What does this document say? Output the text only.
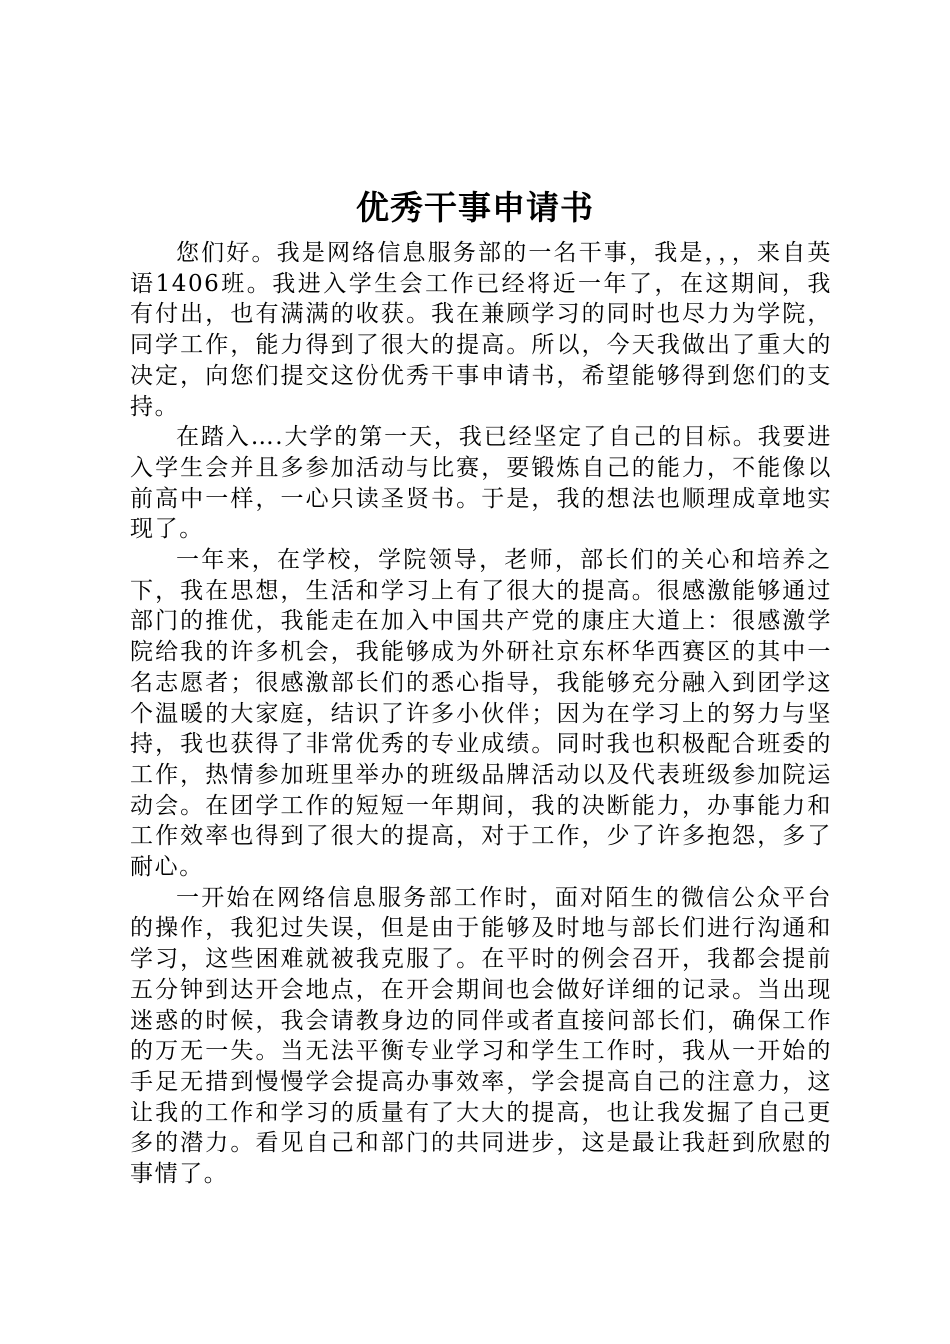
优秀干事申请书

您们好。我是网络信息服务部的一名干事，我是，，，来自英语1406班。我进入学生会工作已经将近一年了，在这期间，我有付出，也有满满的收获。我在兼顾学习的同时也尽力为学院，同学工作，能力得到了很大的提高。所以，今天我做出了重大的决定，向您们提交这份优秀干事申请书，希望能够得到您们的支持。

在踏入….大学的第一天，我已经坚定了自己的目标。我要进入学生会并且多参加活动与比赛，要锻炼自己的能力，不能像以前高中一样，一心只读圣贤书。于是，我的想法也顺理成章地实现了。

一年来，在学校，学院领导，老师，部长们的关心和培养之下，我在思想，生活和学习上有了很大的提高。很感激能够通过部门的推优，我能走在加入中国共产党的康庄大道上：很感激学院给我的许多机会，我能够成为外研社京东杯华西赛区的其中一名志愿者；很感激部长们的悉心指导，我能够充分融入到团学这个温暖的大家庭，结识了许多小伙伴；因为在学习上的努力与坚持，我也获得了非常优秀的专业成绩。同时我也积极配合班委的工作，热情参加班里举办的班级品牌活动以及代表班级参加院运动会。在团学工作的短短一年期间，我的决断能力，办事能力和工作效率也得到了很大的提高，对于工作，少了许多抱怨，多了耐心。

一开始在网络信息服务部工作时，面对陌生的微信公众平台的操作，我犯过失误，但是由于能够及时地与部长们进行沟通和学习，这些困难就被我克服了。在平时的例会召开，我都会提前五分钟到达开会地点，在开会期间也会做好详细的记录。当出现迷惑的时候，我会请教身边的同伴或者直接问部长们，确保工作的万无一失。当无法平衡专业学习和学生工作时，我从一开始的手足无措到慢慢学会提高办事效率，学会提高自己的注意力，这让我的工作和学习的质量有了大大的提高，也让我发掘了自己更多的潜力。看见自己和部门的共同进步，这是最让我赶到欣慰的事情了。
